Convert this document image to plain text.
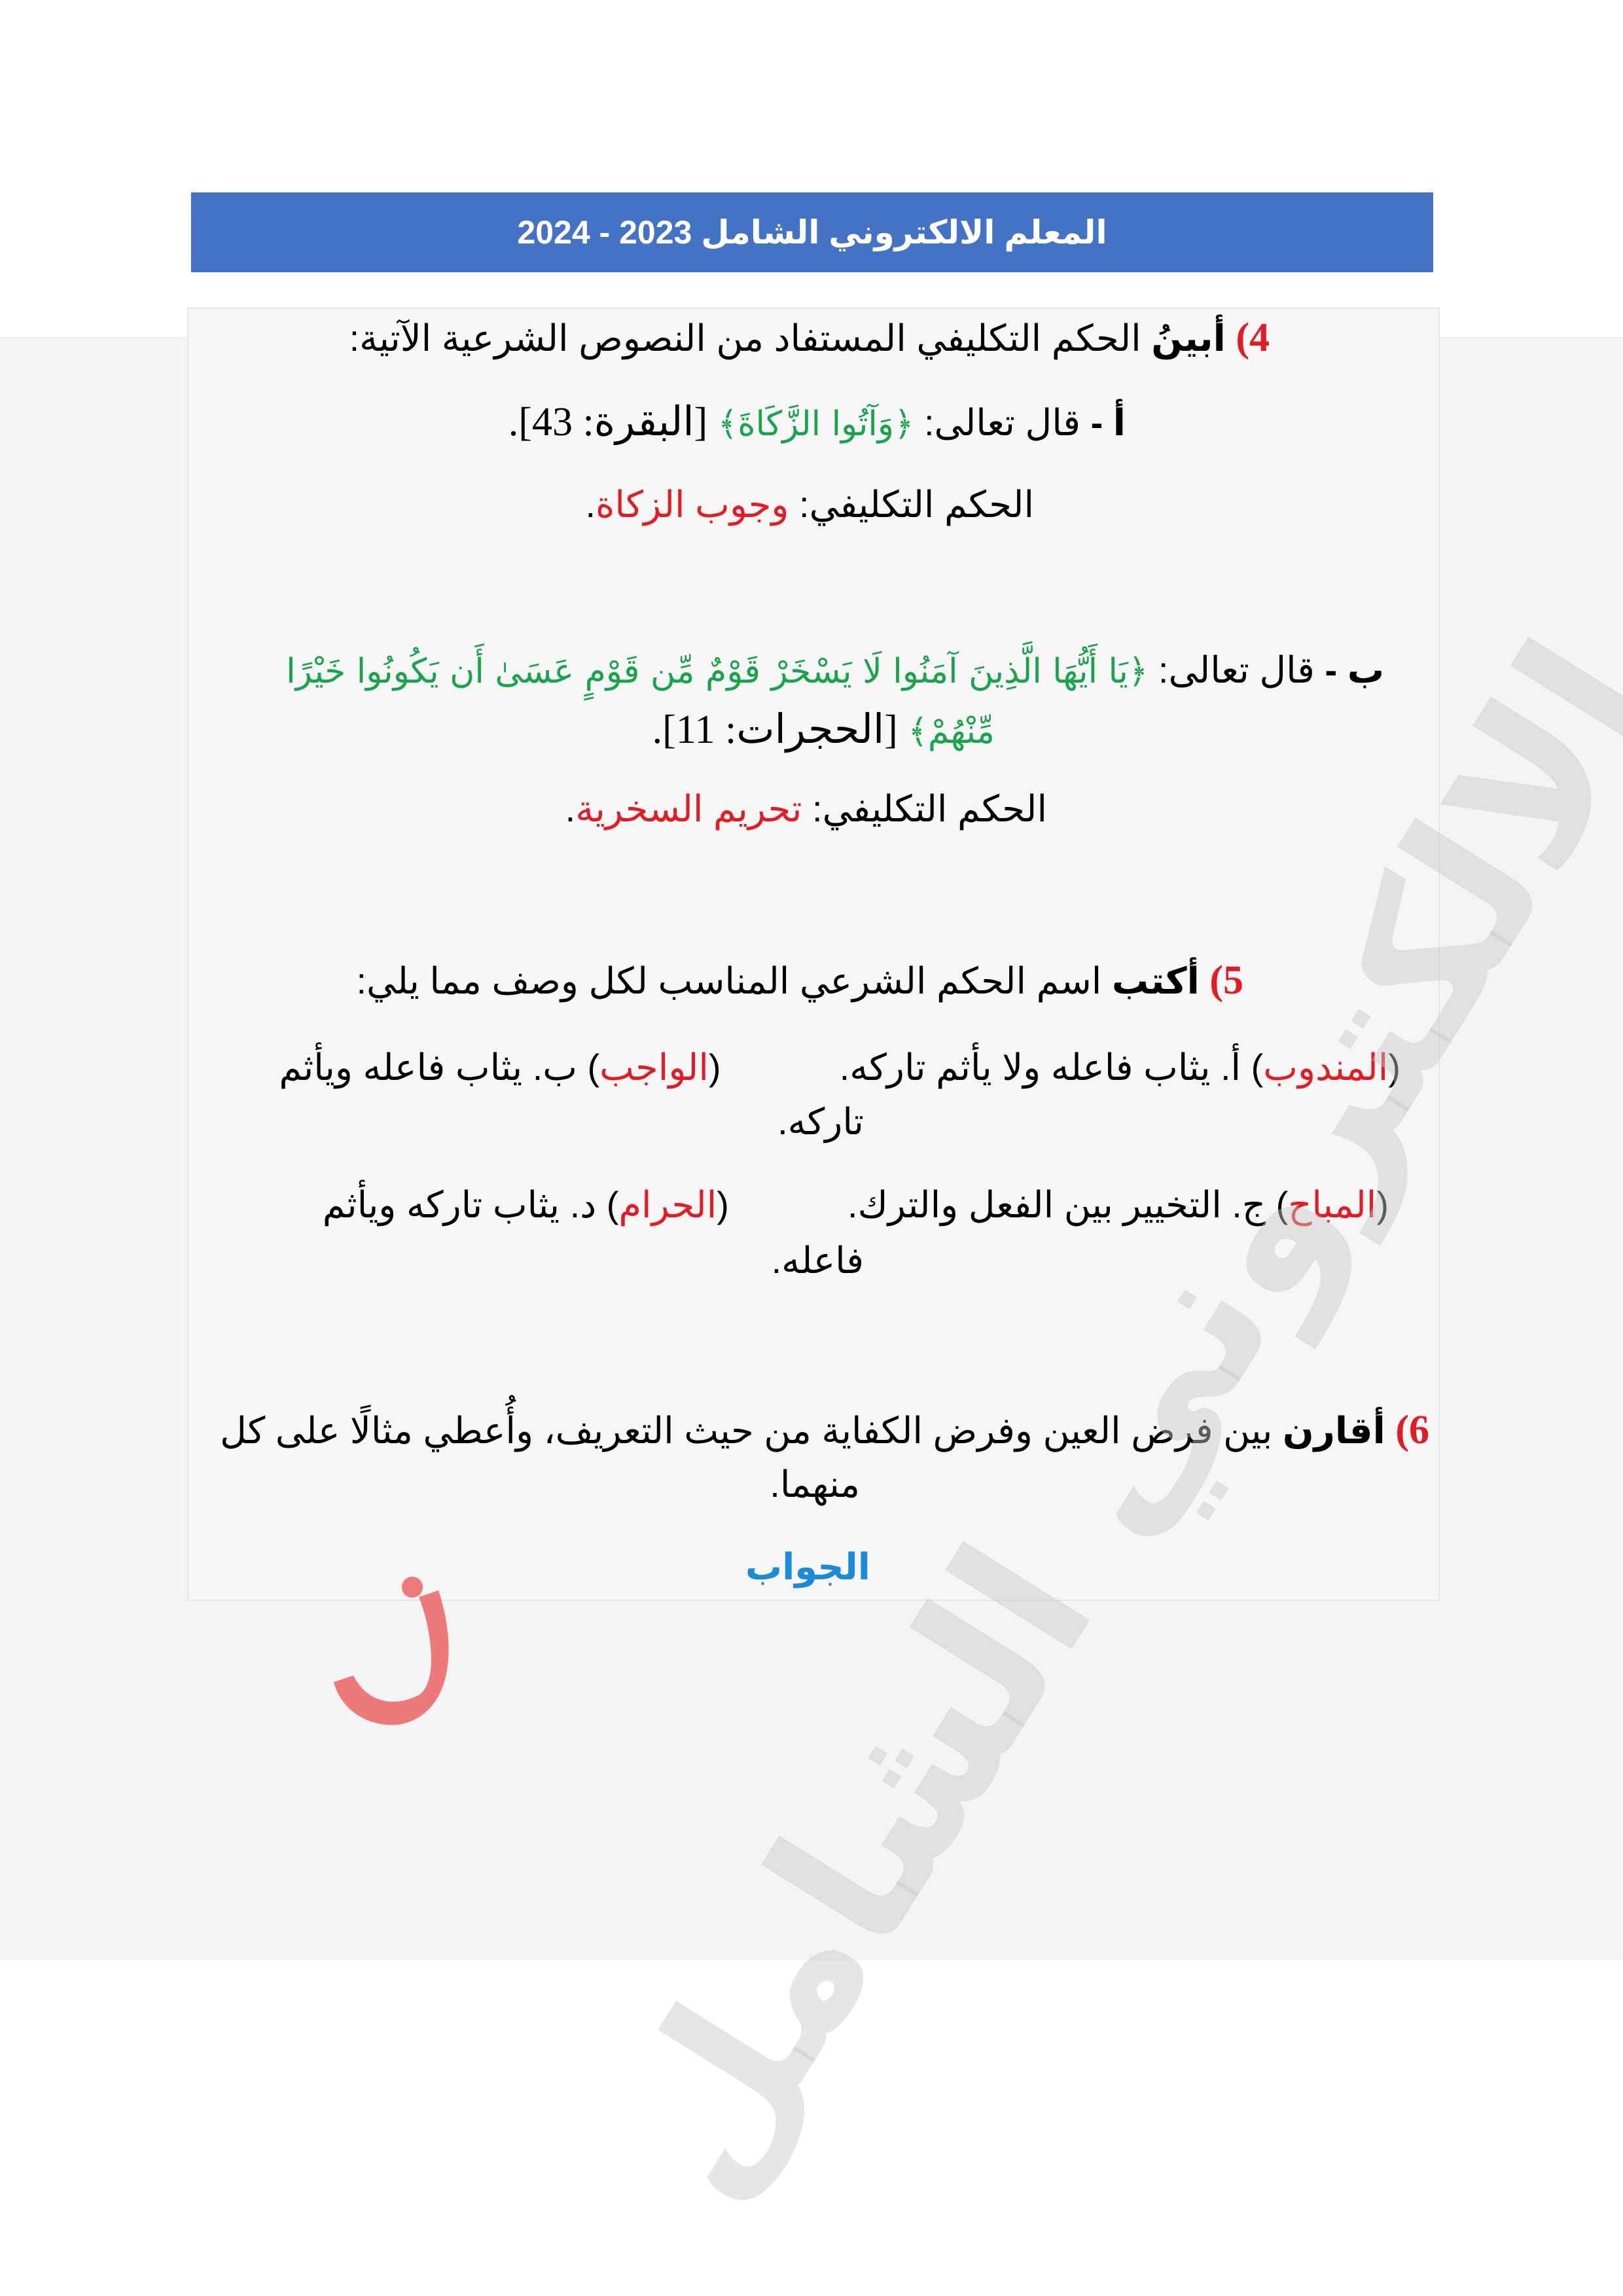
المعلم الالكتروني الشامل 2023 - 2024
4) أبينُ الحكم التكليفي المستفاد من النصوص الشرعية الآتية:
أ - قال تعالى: ﴿وَآتُوا الزَّكَاةَ﴾ [البقرة: 43].
الحكم التكليفي: وجوب الزكاة.
ب - قال تعالى: ﴿يَا أَيُّهَا الَّذِينَ آمَنُوا لَا يَسْخَرْ قَوْمٌ مِّن قَوْمٍ عَسَىٰ أَن يَكُونُوا خَيْرًا
مِّنْهُمْ﴾ [الحجرات: 11].
الحكم التكليفي: تحريم السخرية.
5) أكتب اسم الحكم الشرعي المناسب لكل وصف مما يلي:
(المندوب) أ. يثاب فاعله ولا يأثم تاركه.  (الواجب) ب. يثاب فاعله ويأثم
تاركه.
(المباح) ج. التخيير بين الفعل والترك.  (الحرام) د. يثاب تاركه ويأثم
فاعله.
6) أقارن بين فرض العين وفرض الكفاية من حيث التعريف، وأُعطي مثالًا على كل
منهما.
الجواب الالكتروني الشامل
